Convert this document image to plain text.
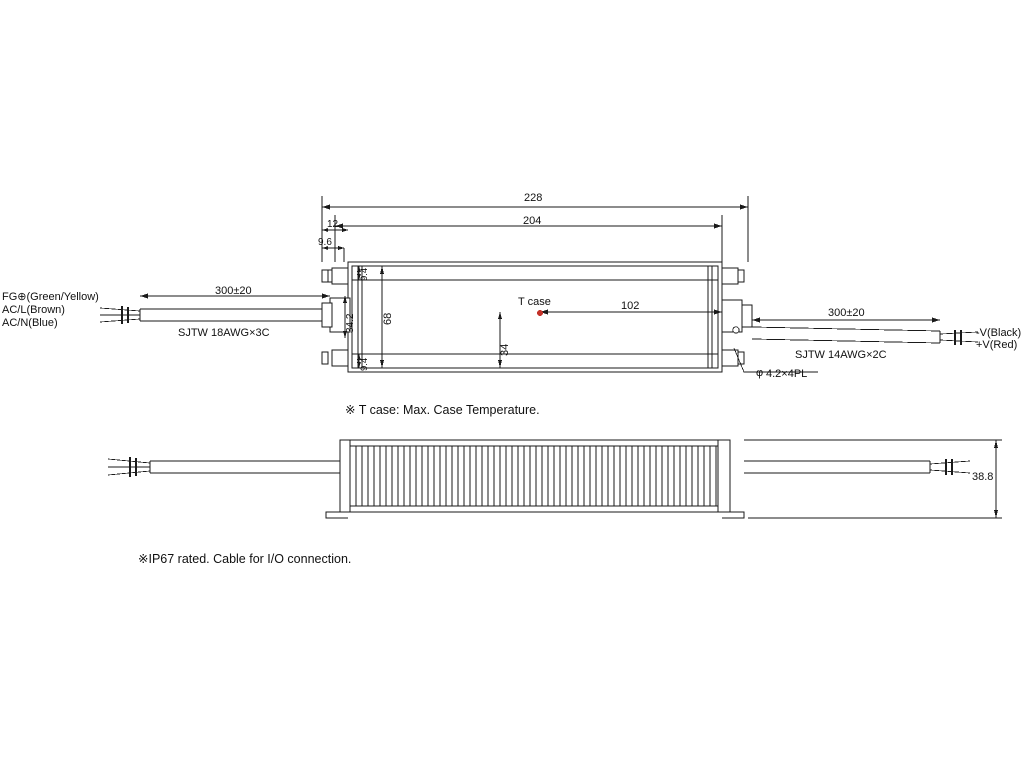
228
204
12
9.6
9.4
9.4
34.2 68
34
102
T case
300±20
300±20
SJTW 18AWG×3C
SJTW 14AWG×2C
FG⊕(Green/Yellow)
AC/L(Brown)
AC/N(Blue)
-V(Black)
+V(Red)
φ 4.2×4PL
※ T case: Max. Case Temperature.
※IP67 rated. Cable for I/O connection.
38.8
